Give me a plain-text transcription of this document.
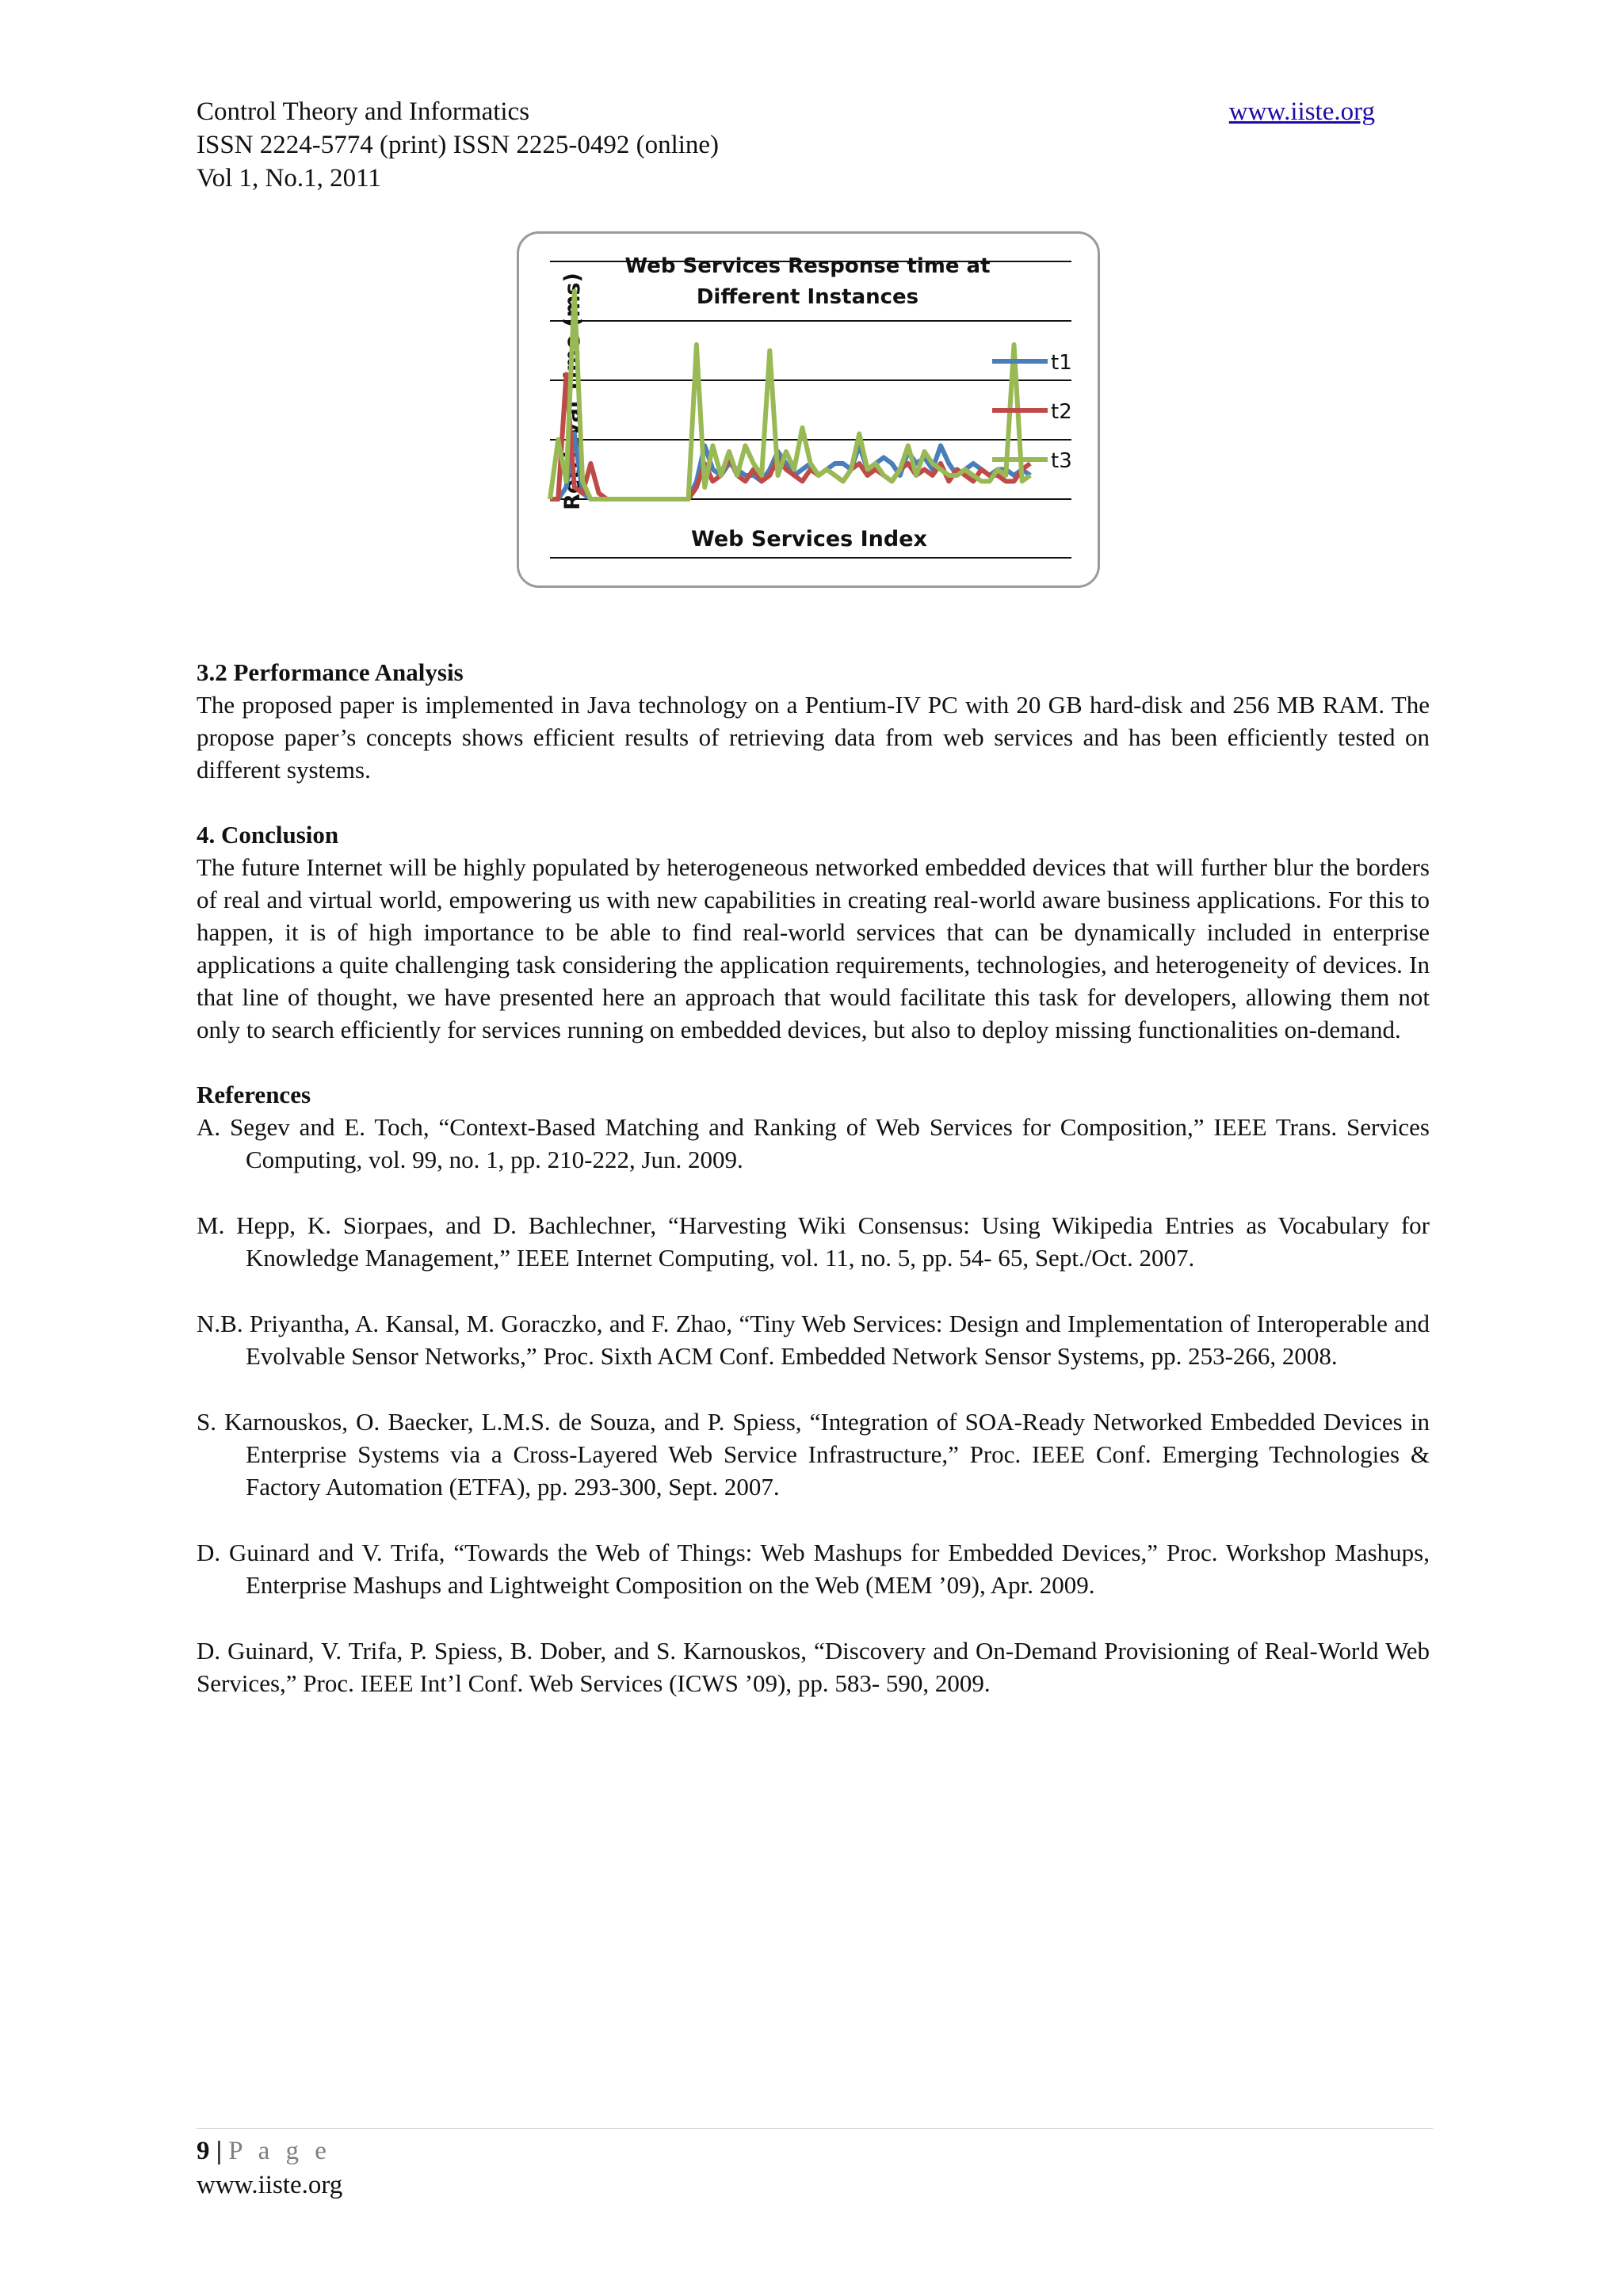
Control Theory and Informatics
ISSN 2224-5774 (print) ISSN 2225-0492 (online)
Vol 1, No.1, 2011
www.iiste.org
Web Services Response time at
Different Instances
Retrieval Time (ms)
Web Services Index
t1
t2
t3
3.2 Performance Analysis

The proposed paper is implemented in Java technology on a Pentium-IV PC with 20 GB hard-disk and 256 MB RAM. The propose paper’s concepts shows efficient results of retrieving data from web services and has been efficiently tested on different systems.

4. Conclusion

The future Internet will be highly populated by heterogeneous networked embedded devices that will further blur the borders of real and virtual world, empowering us with new capabilities in creating real-world aware business applications. For this to happen, it is of high importance to be able to find real-world services that can be dynamically included in enterprise applications a quite challenging task considering the application requirements, technologies, and heterogeneity of devices. In that line of thought, we have presented here an approach that would facilitate this task for developers, allowing them not only to search efficiently for services running on embedded devices, but also to deploy missing functionalities on-demand.

References

A. Segev and E. Toch, “Context-Based Matching and Ranking of Web Services for Composition,” IEEE Trans. Services Computing, vol. 99, no. 1, pp. 210-222, Jun. 2009.

M. Hepp, K. Siorpaes, and D. Bachlechner, “Harvesting Wiki Consensus: Using Wikipedia Entries as Vocabulary for Knowledge Management,” IEEE Internet Computing, vol. 11, no. 5, pp. 54- 65, Sept./Oct. 2007.

N.B. Priyantha, A. Kansal, M. Goraczko, and F. Zhao, “Tiny Web Services: Design and Implementation of Interoperable and Evolvable Sensor Networks,” Proc. Sixth ACM Conf. Embedded Network Sensor Systems, pp. 253-266, 2008.

S. Karnouskos, O. Baecker, L.M.S. de Souza, and P. Spiess, “Integration of SOA-Ready Networked Embedded Devices in Enterprise Systems via a Cross-Layered Web Service Infrastructure,” Proc. IEEE Conf. Emerging Technologies & Factory Automation (ETFA), pp. 293-300, Sept. 2007.

D. Guinard and V. Trifa, “Towards the Web of Things: Web Mashups for Embedded Devices,” Proc. Workshop Mashups, Enterprise Mashups and Lightweight Composition on the Web (MEM ’09), Apr. 2009.

D. Guinard, V. Trifa, P. Spiess, B. Dober, and S. Karnouskos, “Discovery and On-Demand Provisioning of Real-World Web Services,” Proc. IEEE Int’l Conf. Web Services (ICWS ’09), pp. 583- 590, 2009.

9 | P a g e
www.iiste.org
